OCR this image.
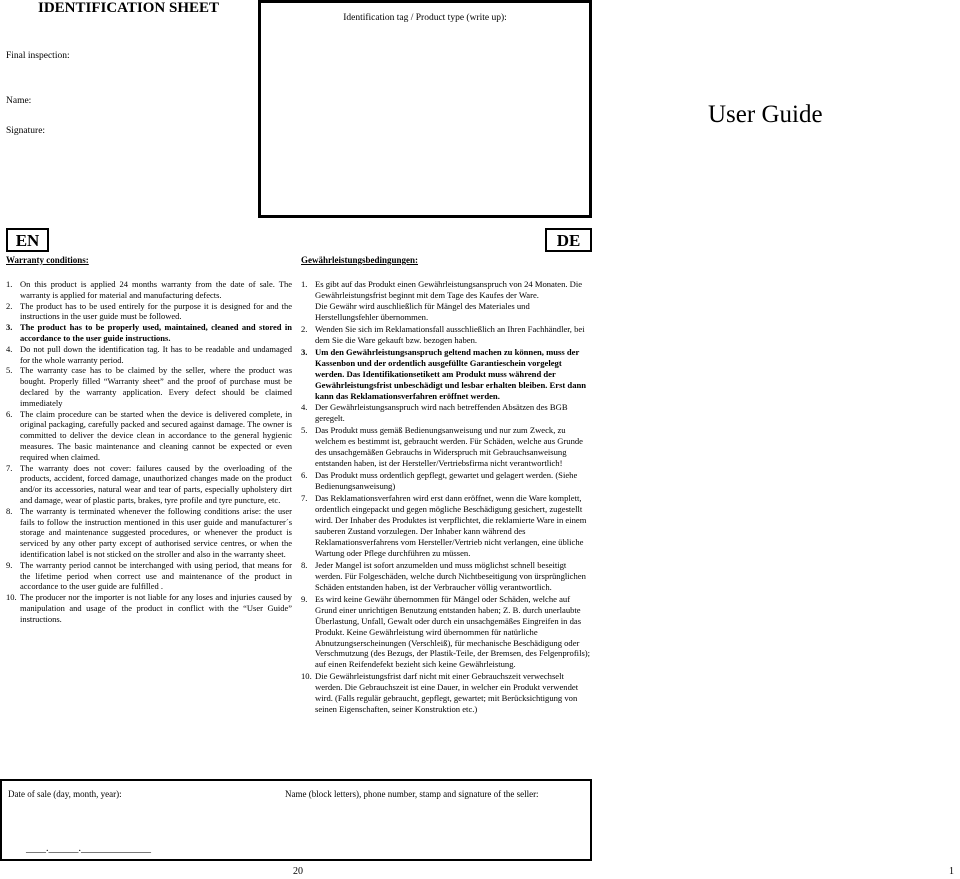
IDENTIFICATION SHEET
Final inspection:
Name:
Signature:
Identification tag / Product type (write up):
User Guide
EN	DE
Warranty conditions:	Gewährleistungsbedingungen:
1. On this product is applied 24 months warranty from the date of sale. The warranty is applied for material and manufacturing defects.
2. The product has to be used entirely for the purpose it is designed for and the instructions in the user guide must be followed.
3. The product has to be properly used, maintained, cleaned and stored in accordance to the user guide instructions.
4. Do not pull down the identification tag. It has to be readable and undamaged for the whole warranty period.
5. The warranty case has to be claimed by the seller, where the product was bought. Properly filled “Warranty sheet” and the proof of purchase must be declared by the warranty application. Every defect should be claimed immediately
6. The claim procedure can be started when the device is delivered complete, in original packaging, carefully packed and secured against damage. The owner is committed to deliver the device clean in accordance to the general hygienic measures. The basic maintenance and cleaning cannot be expected or even required when claimed.
7. The warranty does not cover: failures caused by the overloading of the products, accident, forced damage, unauthorized changes made on the product and/or its accessories, natural wear and tear of parts, especially upholstery dirt and damage, wear of plastic parts, brakes, tyre profile and tyre puncture, etc.
8. The warranty is terminated whenever the following conditions arise: the user fails to follow the instruction mentioned in this user guide and manufacturer´s storage and maintenance suggested procedures, or whenever the product is serviced by any other party except of authorised service centres, or when the identification label is not sticked on the stroller and also in the warranty sheet.
9. The warranty period cannot be interchanged with using period, that means for the lifetime period when correct use and maintenance of the product in accordance to the user guide are fulfilled .
10. The producer nor the importer is not liable for any loses and injuries caused by manipulation and usage of the product in conflict with the “User Guide” instructions.
1. Es gibt auf das Produkt einen Gewährleistungsanspruch von 24 Monaten. Die Gewährleistungsfrist beginnt mit dem Tage des Kaufes der Ware.
Die Gewähr wird auschließlich für Mängel des Materiales und Herstellungsfehler übernommen.
2. Wenden Sie sich im Reklamationsfall ausschließlich an Ihren Fachhändler, bei dem Sie die Ware gekauft bzw. bezogen haben.
3. Um den Gewährleistungsanspruch geltend machen zu können, muss der Kassenbon und der ordentlich ausgefüllte Garantieschein vorgelegt werden. Das Identifikationsetikett am Produkt muss während der Gewährleistungsfrist unbeschädigt und lesbar erhalten bleiben. Erst dann kann das Reklamationsverfahren eröffnet werden.
4. Der Gewährleistungsanspruch wird nach betreffenden Absätzen des BGB geregelt.
5. Das Produkt muss gemäß Bedienungsanweisung und nur zum Zweck, zu welchem es bestimmt ist, gebraucht werden. Für Schäden, welche aus Grunde des unsachgemäßen Gebrauchs in Widerspruch mit Gebrauchsanweisung entstanden haben, ist der Hersteller/Vertriebsfirma nicht verantwortlich!
6. Das Produkt muss ordentlich gepflegt, gewartet und gelagert werden. (Siehe Bedienungsanweisung)
7. Das Reklamationsverfahren wird erst dann eröffnet, wenn die Ware komplett, ordentlich eingepackt und gegen mögliche Beschädigung gesichert, zugestellt wird. Der Inhaber des Produktes ist verpflichtet, die reklamierte Ware in einem sauberen Zustand vorzulegen. Der Inhaber kann während des Reklamationsverfahrens vom Hersteller/Vertrieb nicht verlangen, eine übliche Wartung oder Pflege durchführen zu müssen.
8. Jeder Mangel ist sofort anzumelden und muss möglichst schnell beseitigt werden. Für Folgeschäden, welche durch Nichtbeseitigung von ürsprünglichen Schäden entstanden haben, ist der Verbraucher völlig verantwortlich.
9. Es wird keine Gewähr übernommen für Mängel oder Schäden, welche auf Grund einer unrichtigen Benutzung entstanden haben; Z. B. durch unerlaubte Überlastung, Unfall, Gewalt oder durch ein unsachgemäßes Eingreifen in das Produkt. Keine Gewährleistung wird übernommen für natürliche Abnutzungserscheinungen (Verschleiß), für mechanische Beschädigung oder Verschmutzung (des Bezugs, der Plastik-Teile, der Bremsen, des Felgenprofils); auf einen Reifendefekt bezieht sich keine Gewährleistung.
10. Die Gewährleistungsfrist darf nicht mit einer Gebrauchszeit verwechselt werden. Die Gebrauchszeit ist eine Dauer, in welcher ein Produkt verwendet wird. (Falls regulär gebraucht, gepflegt, gewartet; mit Berücksichtigung von seinen Eigenschaften, seiner Konstruktion etc.)
Date of sale (day, month, year):	Name (block letters), phone number, stamp and signature of the seller:
____.______.______________
20	1
